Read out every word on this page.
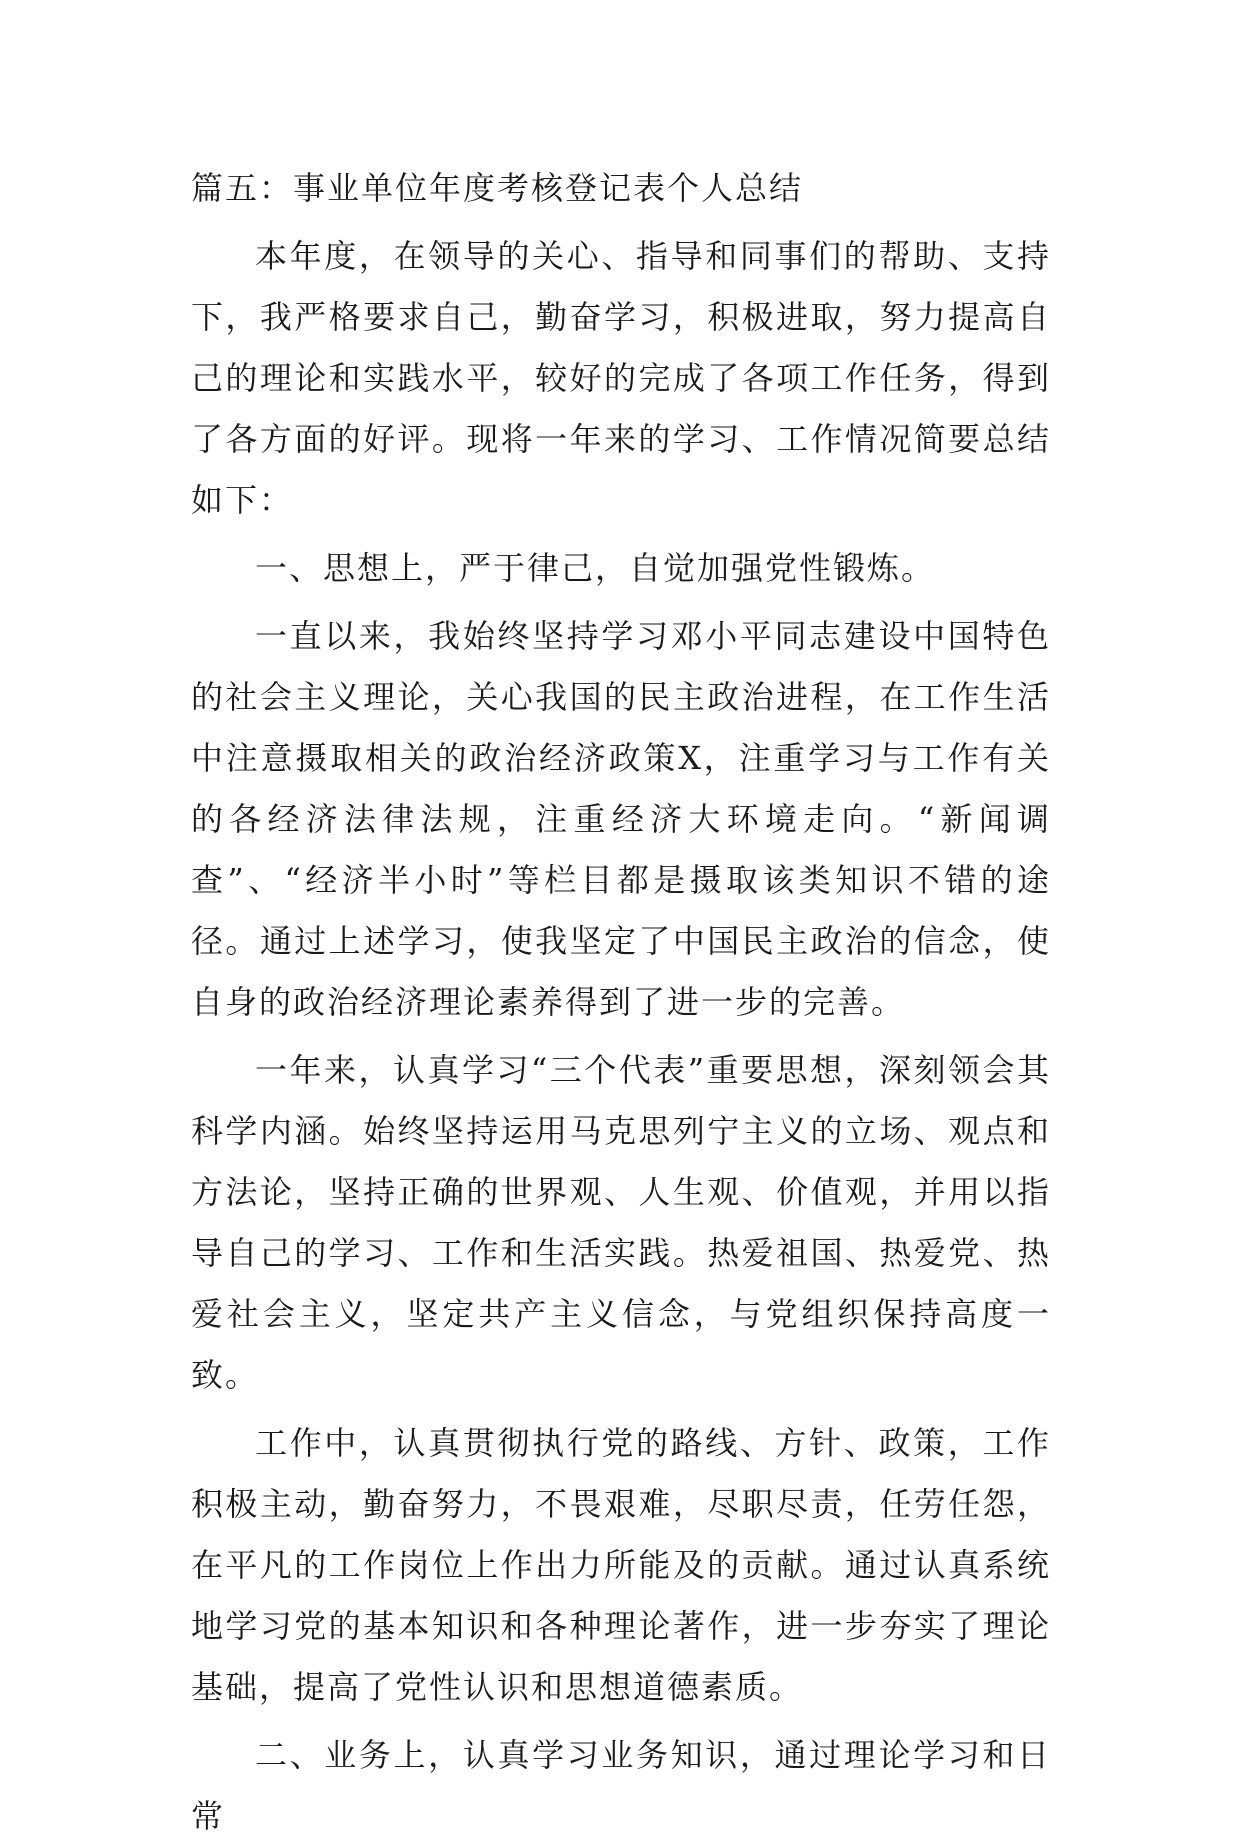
篇五：事业单位年度考核登记表个人总结

本年度，在领导的关心、指导和同事们的帮助、支持下，我严格要求自己，勤奋学习，积极进取，努力提高自己的理论和实践水平，较好的完成了各项工作任务，得到了各方面的好评。现将一年来的学习、工作情况简要总结如下：

一、思想上，严于律己，自觉加强党性锻炼。

一直以来，我始终坚持学习邓小平同志建设中国特色的社会主义理论，关心我国的民主政治进程，在工作生活中注意摄取相关的政治经济政策X，注重学习与工作有关的各经济法律法规，注重经济大环境走向。“新闻调查”、“经济半小时”等栏目都是摄取该类知识不错的途径。通过上述学习，使我坚定了中国民主政治的信念，使自身的政治经济理论素养得到了进一步的完善。

一年来，认真学习“三个代表”重要思想，深刻领会其科学内涵。始终坚持运用马克思列宁主义的立场、观点和方法论，坚持正确的世界观、人生观、价值观，并用以指导自己的学习、工作和生活实践。热爱祖国、热爱党、热爱社会主义，坚定共产主义信念，与党组织保持高度一致。

工作中，认真贯彻执行党的路线、方针、政策，工作积极主动，勤奋努力，不畏艰难，尽职尽责，任劳任怨，在平凡的工作岗位上作出力所能及的贡献。通过认真系统地学习党的基本知识和各种理论著作，进一步夯实了理论基础，提高了党性认识和思想道德素质。

二、业务上，认真学习业务知识，通过理论学习和日常
